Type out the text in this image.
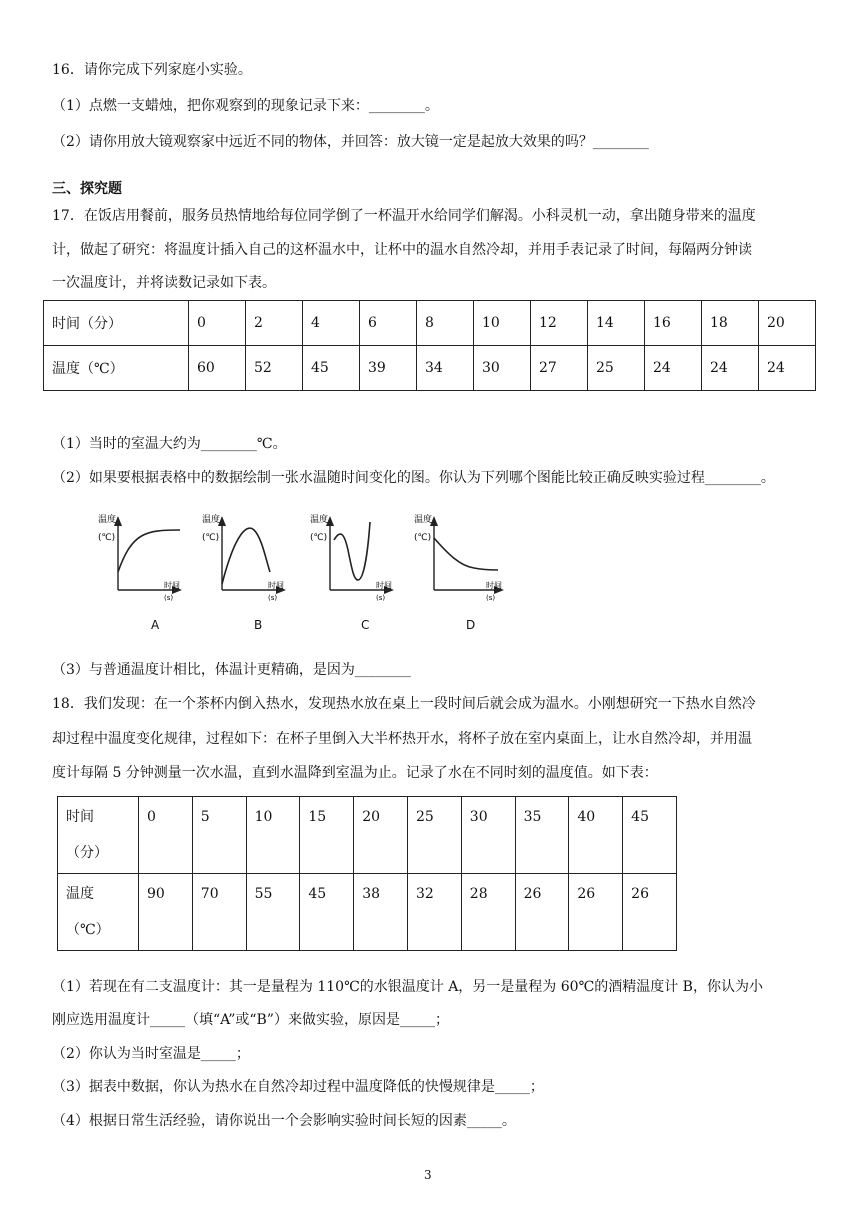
16．请你完成下列家庭小实验。
（1）点燃一支蜡烛，把你观察到的现象记录下来：________。
（2）请你用放大镜观察家中远近不同的物体，并回答：放大镜一定是起放大效果的吗？________
三、探究题
17．在饭店用餐前，服务员热情地给每位同学倒了一杯温开水给同学们解渴。小科灵机一动，拿出随身带来的温度
计，做起了研究：将温度计插入自己的这杯温水中，让杯中的温水自然冷却，并用手表记录了时间，每隔两分钟读
一次温度计，并将读数记录如下表。
时间（分）	0	2	4	6	8	10	12	14	16	18	20
温度（℃）	60	52	45	39	34	30	27	25	24	24	24
（1）当时的室温大约为________℃。
（2）如果要根据表格中的数据绘制一张水温随时间变化的图。你认为下列哪个图能比较正确反映实验过程________。
温度
(℃)
时间
(s)
温度
(℃)
时间
(s)
温度
(℃)
时间
(s)
温度
(℃)
时间
(s)
A	B	C	D
（3）与普通温度计相比，体温计更精确，是因为________
18．我们发现：在一个茶杯内倒入热水，发现热水放在桌上一段时间后就会成为温水。小刚想研究一下热水自然冷
却过程中温度变化规律，过程如下：在杯子里倒入大半杯热开水，将杯子放在室内桌面上，让水自然冷却，并用温
度计每隔 5 分钟测量一次水温，直到水温降到室温为止。记录了水在不同时刻的温度值。如下表：
时间
（分）	0	5	10	15	20	25	30	35	40	45
温度
（℃）	90	70	55	45	38	32	28	26	26	26
（1）若现在有二支温度计：其一是量程为 110℃的水银温度计 A，另一是量程为 60℃的酒精温度计 B，你认为小
刚应选用温度计_____（填“A”或“B”）来做实验，原因是_____；
（2）你认为当时室温是_____；
（3）据表中数据，你认为热水在自然冷却过程中温度降低的快慢规律是_____；
（4）根据日常生活经验，请你说出一个会影响实验时间长短的因素_____。
3
